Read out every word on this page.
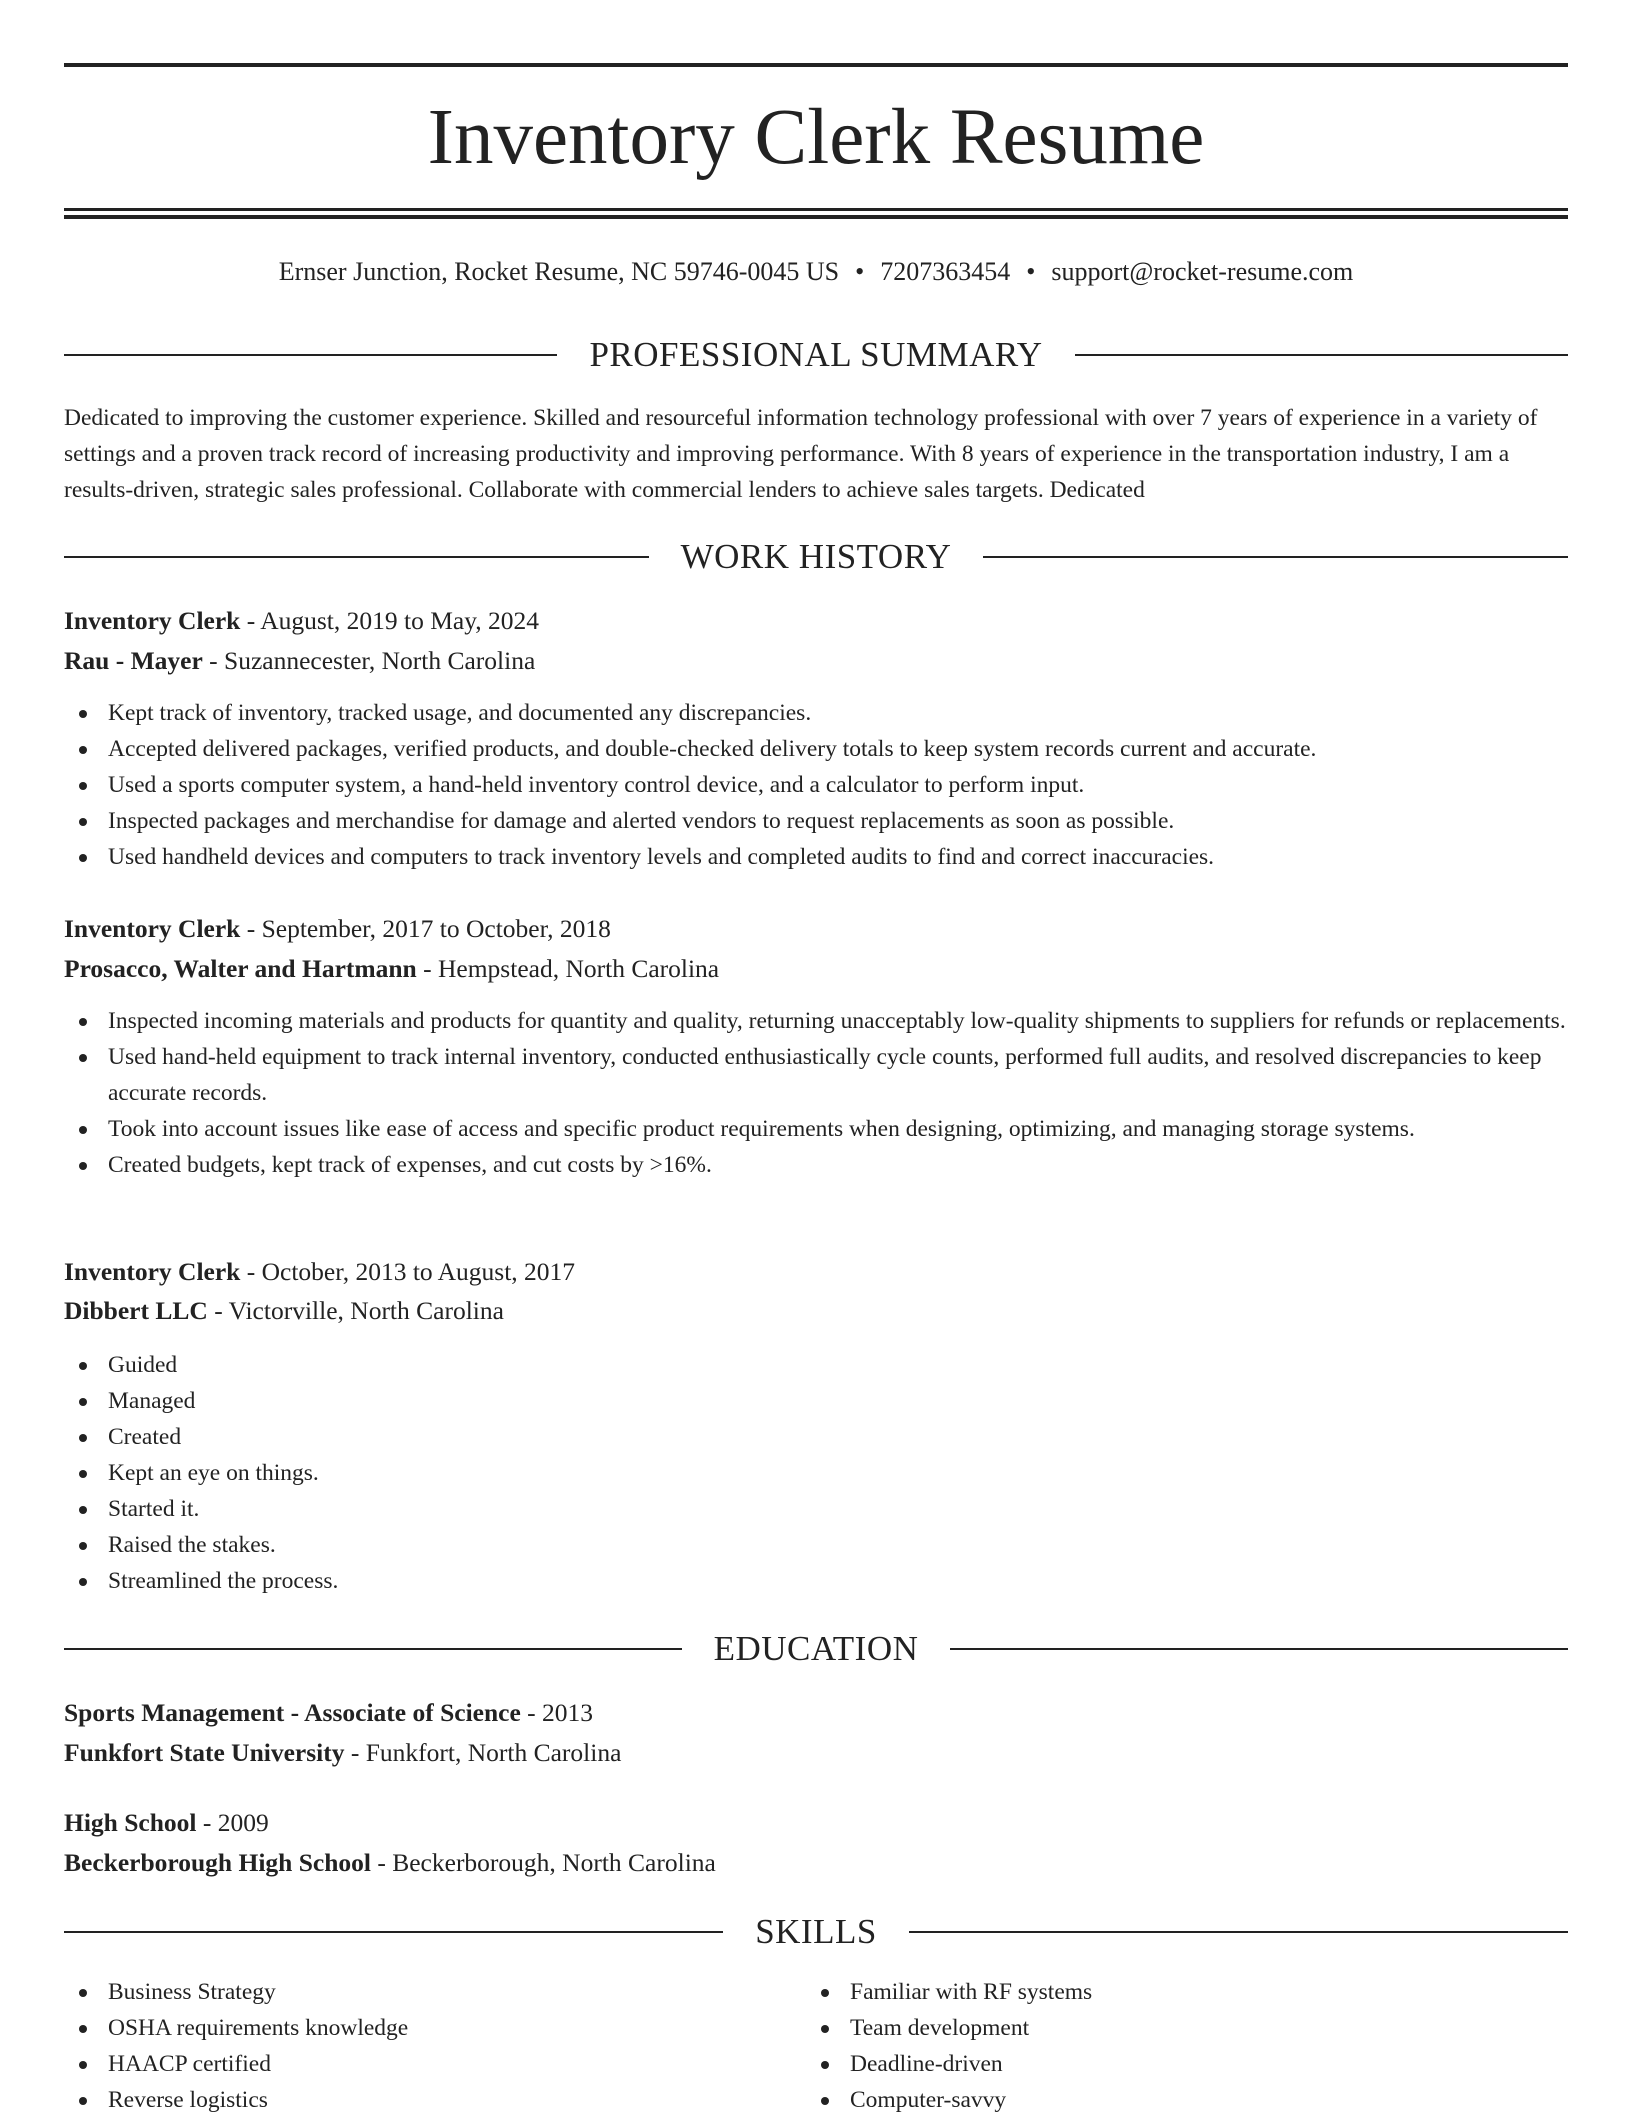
Inventory Clerk Resume
Ernser Junction, Rocket Resume, NC 59746-0045 US • 7207363454 • support@rocket-resume.com
PROFESSIONAL SUMMARY
Dedicated to improving the customer experience. Skilled and resourceful information technology professional with over 7 years of experience in a variety of settings and a proven track record of increasing productivity and improving performance. With 8 years of experience in the transportation industry, I am a results-driven, strategic sales professional. Collaborate with commercial lenders to achieve sales targets. Dedicated
WORK HISTORY
Inventory Clerk - August, 2019 to May, 2024
Rau - Mayer - Suzannecester, North Carolina
Kept track of inventory, tracked usage, and documented any discrepancies.
Accepted delivered packages, verified products, and double-checked delivery totals to keep system records current and accurate.
Used a sports computer system, a hand-held inventory control device, and a calculator to perform input.
Inspected packages and merchandise for damage and alerted vendors to request replacements as soon as possible.
Used handheld devices and computers to track inventory levels and completed audits to find and correct inaccuracies.
Inventory Clerk - September, 2017 to October, 2018
Prosacco, Walter and Hartmann - Hempstead, North Carolina
Inspected incoming materials and products for quantity and quality, returning unacceptably low-quality shipments to suppliers for refunds or replacements.
Used hand-held equipment to track internal inventory, conducted enthusiastically cycle counts, performed full audits, and resolved discrepancies to keep accurate records.
Took into account issues like ease of access and specific product requirements when designing, optimizing, and managing storage systems.
Created budgets, kept track of expenses, and cut costs by >16%.
Inventory Clerk - October, 2013 to August, 2017
Dibbert LLC - Victorville, North Carolina
Guided
Managed
Created
Kept an eye on things.
Started it.
Raised the stakes.
Streamlined the process.
EDUCATION
Sports Management - Associate of Science - 2013
Funkfort State University - Funkfort, North Carolina
High School - 2009
Beckerborough High School - Beckerborough, North Carolina
SKILLS
Business Strategy
OSHA requirements knowledge
HAACP certified
Reverse logistics
Familiar with RF systems
Team development
Deadline-driven
Computer-savvy
